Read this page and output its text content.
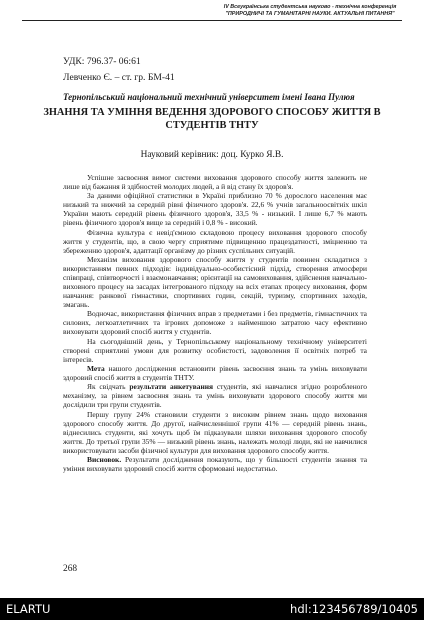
IV Всеукраїнська студентська науково - технічна конференція "ПРИРОДНИЧІ ТА ГУМАНІТАРНІ НАУКИ. АКТУАЛЬНІ ПИТАННЯ"
УДК: 796.37- 06:61
Левченко Є. – ст. гр. БМ-41
Тернопільський національний технічний університет імені Івана Пулюя
ЗНАННЯ ТА УМІННЯ ВЕДЕННЯ ЗДОРОВОГО СПОСОБУ ЖИТТЯ В СТУДЕНТІВ ТНТУ
Науковий керівник: доц. Курко Я.В.

Успішне засвоєння вимог системи виховання здорового способу життя залежить не лише від бажання й здібностей молодих людей, а й від стану їх здоров'я.

За даними офіційної статистики в Україні приблизно 70 % дорослого населення має низький та нижчий за середній рівні фізичного здоров'я. 22,6 % учнів загальноосвітніх шкіл України мають середній рівень фізичного здоров'я, 33,5 % - низький. І лише 6,7 % мають рівень фізичного здоров'я вище за середній і 0,8 % - високий.

Фізична культура є невід'ємною складовою процесу виховання здорового способу життя у студентів, що, в свою чергу сприятиме підвищенню працездатності, зміцненню та збереженню здоров'я, адаптації організму до різних суспільних ситуацій.

Механізм виховання здорового способу життя у студентів повинен складатися з використанням певних підходів: індивідуально-особистісний підхід, створення атмосфери співпраці, співтворчості і взаємонавчання; орієнтації на самовиховання, здійснення навчально-виховного процесу на засадах інтегрованого підходу на всіх етапах процесу виховання, форм навчання: ранкової гімнастики, спортивних годин, секцій, туризму, спортивних заходів, змагань.

Водночас, використання фізичних вправ з предметами і без предметів, гімнастичних та силових, легкоатлетичних та ігрових допоможе з найменшою затратою часу ефективно виховувати здоровий спосіб життя у студентів.

На сьогоднішній день, у Тернопільському національному технічному університеті створені сприятливі умови для розвитку особистості, задоволення її освітніх потреб та інтересів.

Мета нашого дослідження встановити рівень засвоєння знань та умінь виховувати здоровий спосіб життя в студентів ТНТУ.

Як свідчать результати анкетування студентів, які навчалися згідно розробленого механізму, за рівнем засвоєння знань та умінь виховувати здорового способу життя ми дослідили три групи студентів.

Першу групу 24% становили студенти з високим рівнем знань щодо виховання здорового способу життя. До другої, найчисленнішої групи 41% — середній рівень знань, віднесились студенти, які хочуть щоб їм підказували шляхи виховання здорового способу життя. До третьої групи 35% — низький рівень знань, належать молоді люди, які не навчилися використовувати засоби фізичної культури для виховання здорового способу життя.

Висновок. Результати дослідження показують, що у більшості студентів знання та уміння виховувати здоровий спосіб життя сформовані недостатньо.

268
ELARTU	hdl:123456789/10405
